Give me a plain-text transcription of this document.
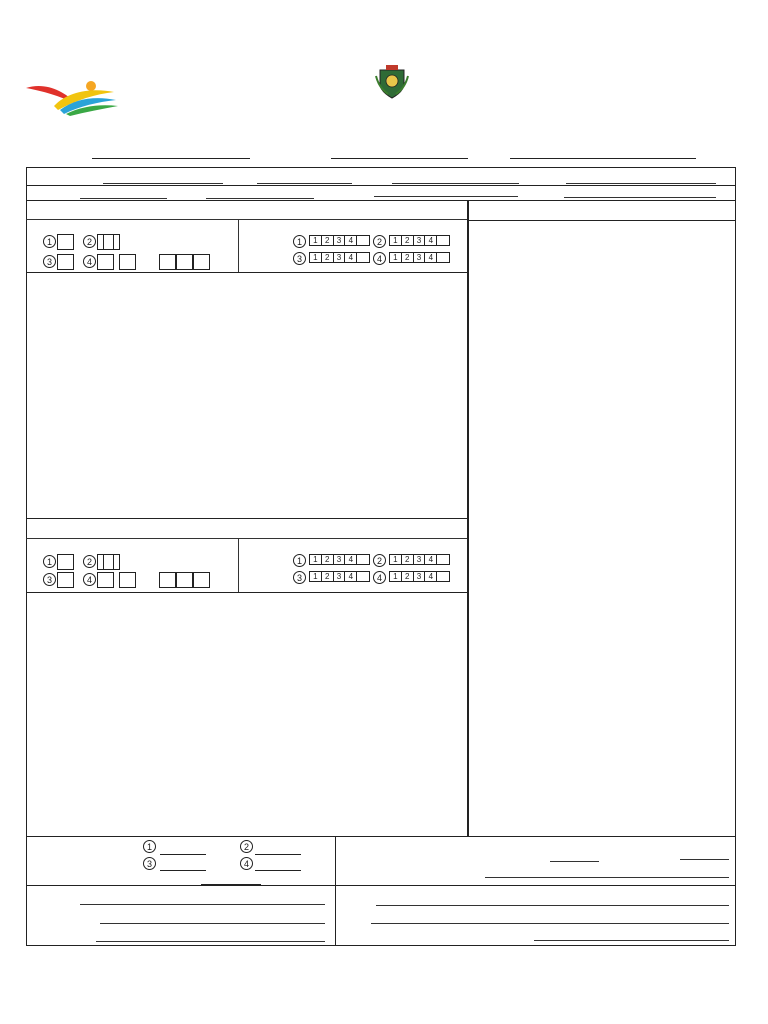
1	2
3	4
1	1 2 3 4	2	1 2 3 4
3	1 2 3 4	4	1 2 3 4
1	2
3	4
1	1 2 3 4	2	1 2 3 4
3	1 2 3 4	4	1 2 3 4
1	2
3	4
